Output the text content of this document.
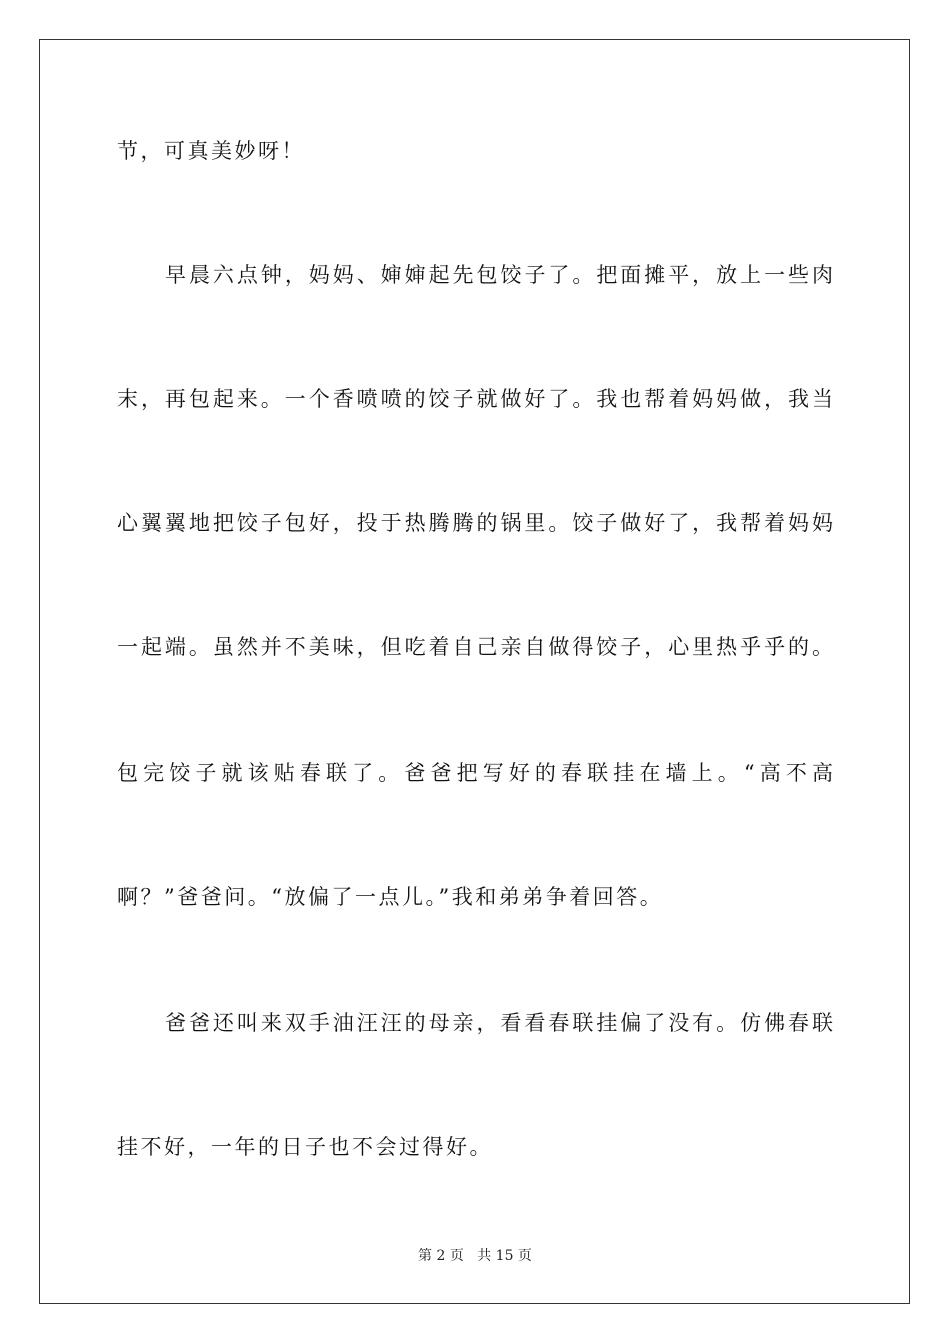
节，可真美妙呀！
早晨六点钟，妈妈、婶婶起先包饺子了。把面摊平，放上一些肉
末，再包起来。一个香喷喷的饺子就做好了。我也帮着妈妈做，我当
心翼翼地把饺子包好，投于热腾腾的锅里。饺子做好了，我帮着妈妈
一起端。虽然并不美味，但吃着自己亲自做得饺子，心里热乎乎的。
包完饺子就该贴春联了。爸爸把写好的春联挂在墙上。“高不高
啊？”爸爸问。“放偏了一点儿。”我和弟弟争着回答。
爸爸还叫来双手油汪汪的母亲，看看春联挂偏了没有。仿佛春联
挂不好，一年的日子也不会过得好。
第 2 页 共 15 页
